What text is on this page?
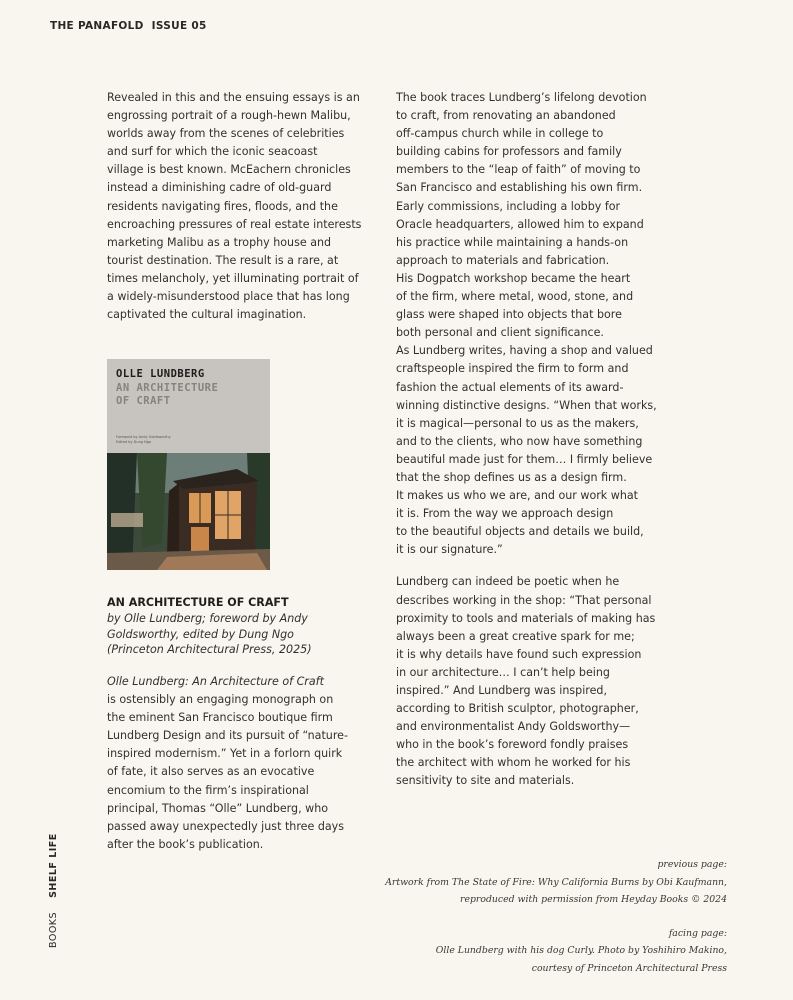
THE PANAFOLD ISSUE 05
Revealed in this and the ensuing essays is an
engrossing portrait of a rough-hewn Malibu,
worlds away from the scenes of celebrities
and surf for which the iconic seacoast
village is best known. McEachern chronicles
instead a diminishing cadre of old-guard
residents navigating fires, floods, and the
encroaching pressures of real estate interests
marketing Malibu as a trophy house and
tourist destination. The result is a rare, at
times melancholy, yet illuminating portrait of
a widely-misunderstood place that has long
captivated the cultural imagination.
OLLE LUNDBERG
AN ARCHITECTURE
OF CRAFT
Foreword by Andy Goldsworthy
Edited by Dung Ngo
AN ARCHITECTURE OF CRAFT
by Olle Lundberg; foreword by Andy
Goldsworthy, edited by Dung Ngo
(Princeton Architectural Press, 2025)
Olle Lundberg: An Architecture of Craft
is ostensibly an engaging monograph on
the eminent San Francisco boutique firm
Lundberg Design and its pursuit of “nature-
inspired modernism.” Yet in a forlorn quirk
of fate, it also serves as an evocative
encomium to the firm’s inspirational
principal, Thomas “Olle” Lundberg, who
passed away unexpectedly just three days
after the book’s publication.
The book traces Lundberg’s lifelong devotion
to craft, from renovating an abandoned
off-campus church while in college to
building cabins for professors and family
members to the “leap of faith” of moving to
San Francisco and establishing his own firm.
Early commissions, including a lobby for
Oracle headquarters, allowed him to expand
his practice while maintaining a hands-on
approach to materials and fabrication.
His Dogpatch workshop became the heart
of the firm, where metal, wood, stone, and
glass were shaped into objects that bore
both personal and client significance.
As Lundberg writes, having a shop and valued
craftspeople inspired the firm to form and
fashion the actual elements of its award-
winning distinctive designs. “When that works,
it is magical—personal to us as the makers,
and to the clients, who now have something
beautiful made just for them… I firmly believe
that the shop defines us as a design firm.
It makes us who we are, and our work what
it is. From the way we approach design
to the beautiful objects and details we build,
it is our signature.”
Lundberg can indeed be poetic when he
describes working in the shop: “That personal
proximity to tools and materials of making has
always been a great creative spark for me;
it is why details have found such expression
in our architecture… I can’t help being
inspired.” And Lundberg was inspired,
according to British sculptor, photographer,
and environmentalist Andy Goldsworthy—
who in the book’s foreword fondly praises
the architect with whom he worked for his
sensitivity to site and materials.
previous page:
Artwork from The State of Fire: Why California Burns by Obi Kaufmann,
reproduced with permission from Heyday Books © 2024
facing page:
Olle Lundberg with his dog Curly. Photo by Yoshihiro Makino,
courtesy of Princeton Architectural Press
BOOKSSHELF LIFE
